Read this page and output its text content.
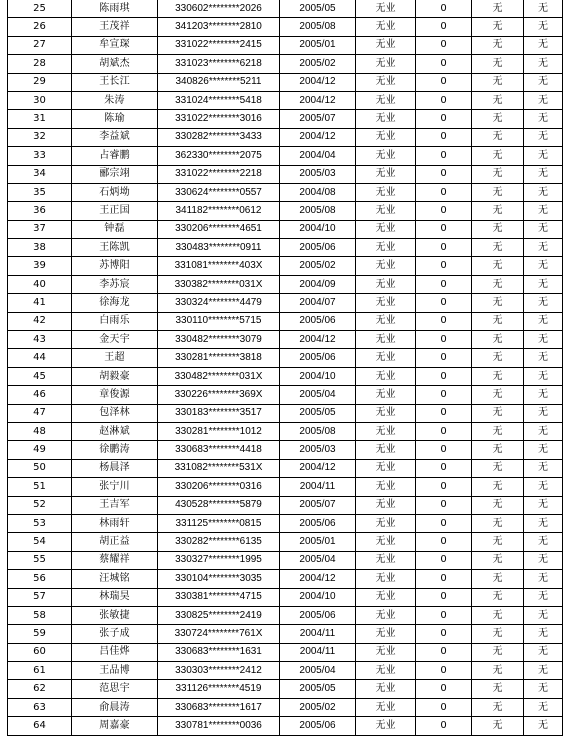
25	陈雨琪	330602********2026	2005/05	无业	0	无	无
26	王茂祥	341203********2810	2005/08	无业	0	无	无
27	牟宣琛	331022********2415	2005/01	无业	0	无	无
28	胡斌杰	331023********6218	2005/02	无业	0	无	无
29	王长江	340826********5211	2004/12	无业	0	无	无
30	朱涛	331024********5418	2004/12	无业	0	无	无
31	陈瑜	331022********3016	2005/07	无业	0	无	无
32	李益斌	330282********3433	2004/12	无业	0	无	无
33	占睿鹏	362330********2075	2004/04	无业	0	无	无
34	郦宗翊	331022********2218	2005/03	无业	0	无	无
35	石炳坳	330624********0557	2004/08	无业	0	无	无
36	王正国	341182********0612	2005/08	无业	0	无	无
37	钟磊	330206********4651	2004/10	无业	0	无	无
38	王陈凯	330483********0911	2005/06	无业	0	无	无
39	苏博阳	331081********403X	2005/02	无业	0	无	无
40	李苏宸	330382********031X	2004/09	无业	0	无	无
41	徐海龙	330324********4479	2004/07	无业	0	无	无
42	白雨乐	330110********5715	2005/06	无业	0	无	无
43	金天宇	330482********3079	2004/12	无业	0	无	无
44	王超	330281********3818	2005/06	无业	0	无	无
45	胡毅豪	330482********031X	2004/10	无业	0	无	无
46	章俊源	330226********369X	2005/04	无业	0	无	无
47	包泽林	330183********3517	2005/05	无业	0	无	无
48	赵淋斌	330281********1012	2005/08	无业	0	无	无
49	徐鹏涛	330683********4418	2005/03	无业	0	无	无
50	杨晨泽	331082********531X	2004/12	无业	0	无	无
51	张宁川	330206********0316	2004/11	无业	0	无	无
52	王吉军	430528********5879	2005/07	无业	0	无	无
53	林雨轩	331125********0815	2005/06	无业	0	无	无
54	胡正益	330282********6135	2005/01	无业	0	无	无
55	蔡耀祥	330327********1995	2005/04	无业	0	无	无
56	汪城铭	330104********3035	2004/12	无业	0	无	无
57	林瑞昊	330381********4715	2004/10	无业	0	无	无
58	张敏捷	330825********2419	2005/06	无业	0	无	无
59	张子成	330724********761X	2004/11	无业	0	无	无
60	吕佳烨	330683********1631	2004/11	无业	0	无	无
61	王品博	330303********2412	2005/04	无业	0	无	无
62	范思宇	331126********4519	2005/05	无业	0	无	无
63	俞晨涛	330683********1617	2005/02	无业	0	无	无
64	周嘉豪	330781********0036	2005/06	无业	0	无	无
